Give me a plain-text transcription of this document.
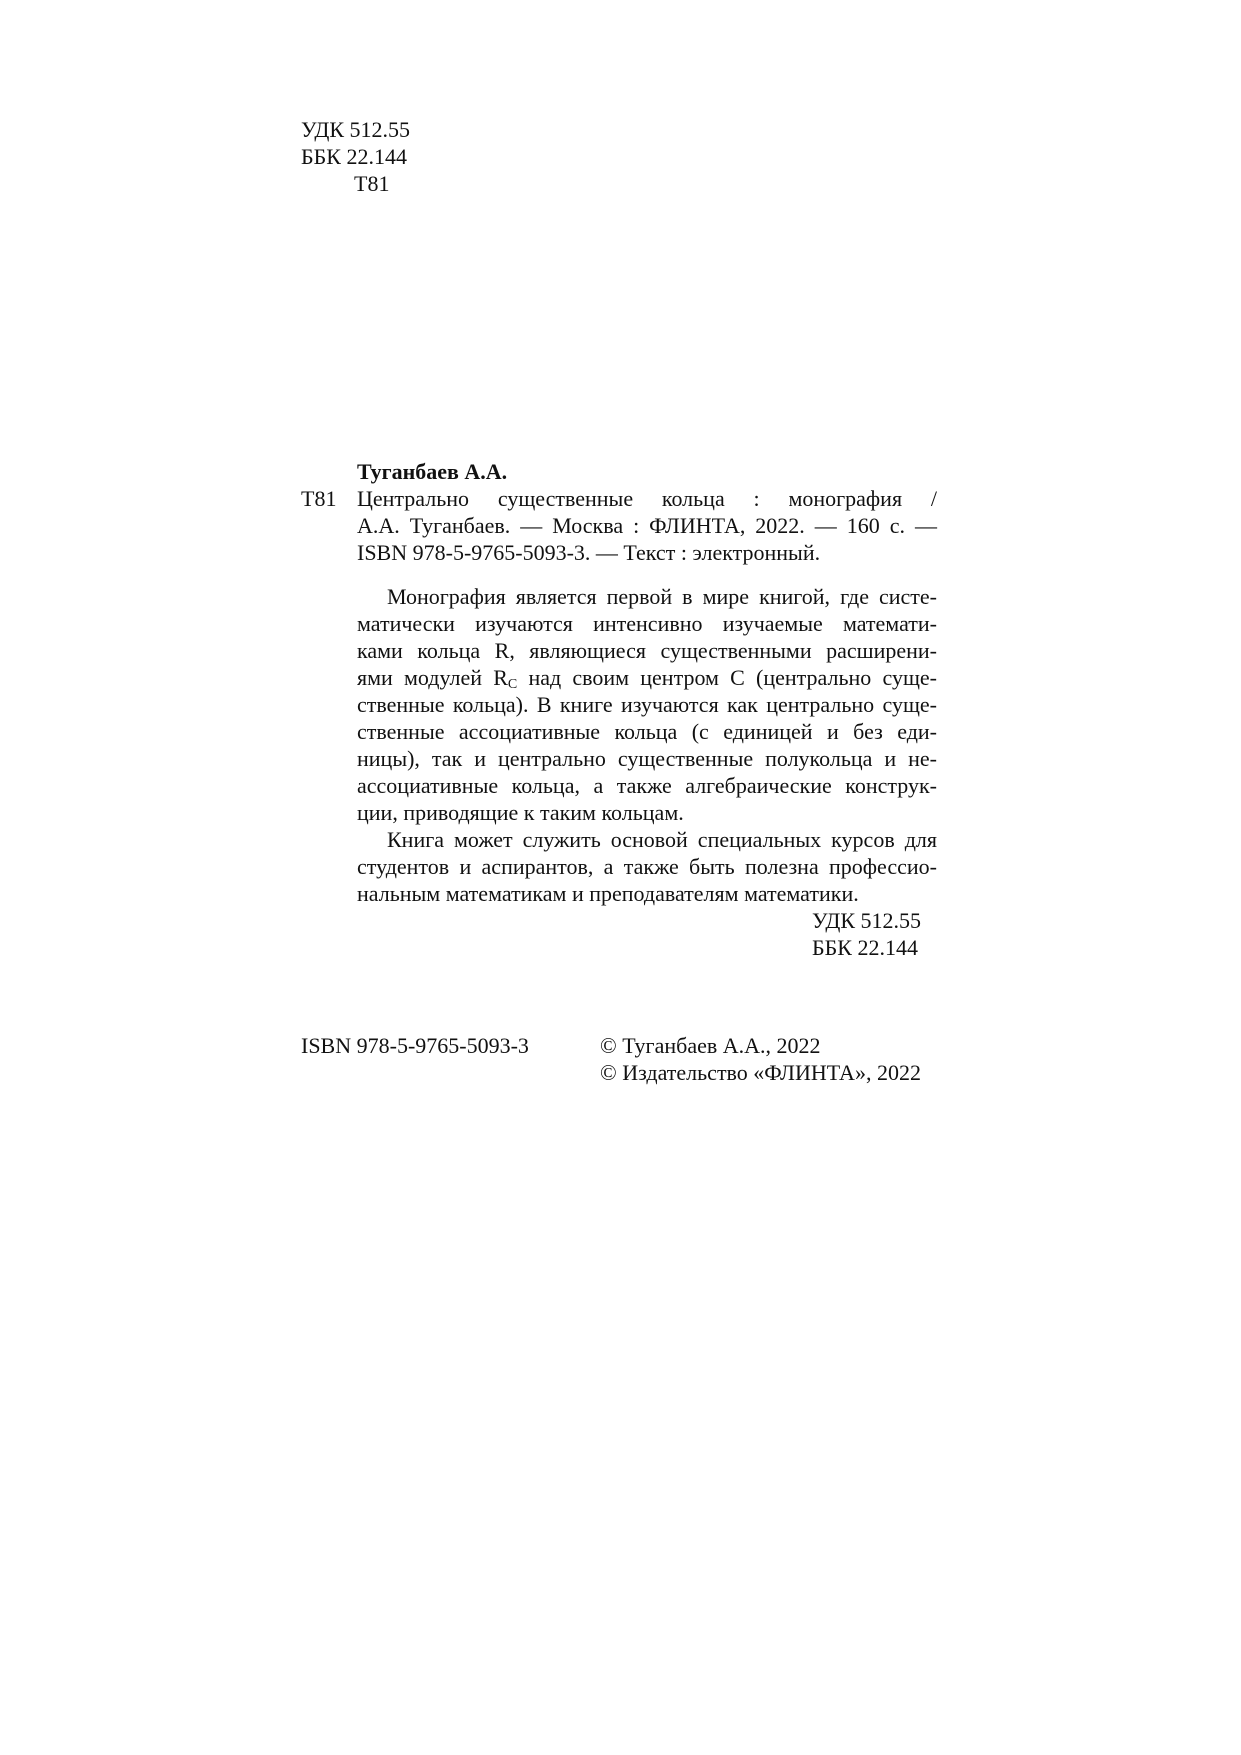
УДК 512.55
ББК 22.144
Т81
Туганбаев А.А.
Т81 Центрально существенные кольца : монография /
А.А. Туганбаев. — Москва : ФЛИНТА, 2022. — 160 с. —
ISBN 978-5-9765-5093-3. — Текст : электронный.
Монография является первой в мире книгой, где систе-
матически изучаются интенсивно изучаемые математи-
ками кольца R, являющиеся существенными расширени-
ями модулей $R_C$ над своим центром C (центрально суще-
ственные кольца). В книге изучаются как центрально суще-
ственные ассоциативные кольца (с единицей и без еди-
ницы), так и центрально существенные полукольца и не-
ассоциативные кольца, а также алгебраические конструк-
ции, приводящие к таким кольцам.
Книга может служить основой специальных курсов для
студентов и аспирантов, а также быть полезна профессио-
нальным математикам и преподавателям математики.
УДК 512.55
ББК 22.144
ISBN 978-5-9765-5093-3	© Туганбаев А.А., 2022
© Издательство «ФЛИНТА», 2022
